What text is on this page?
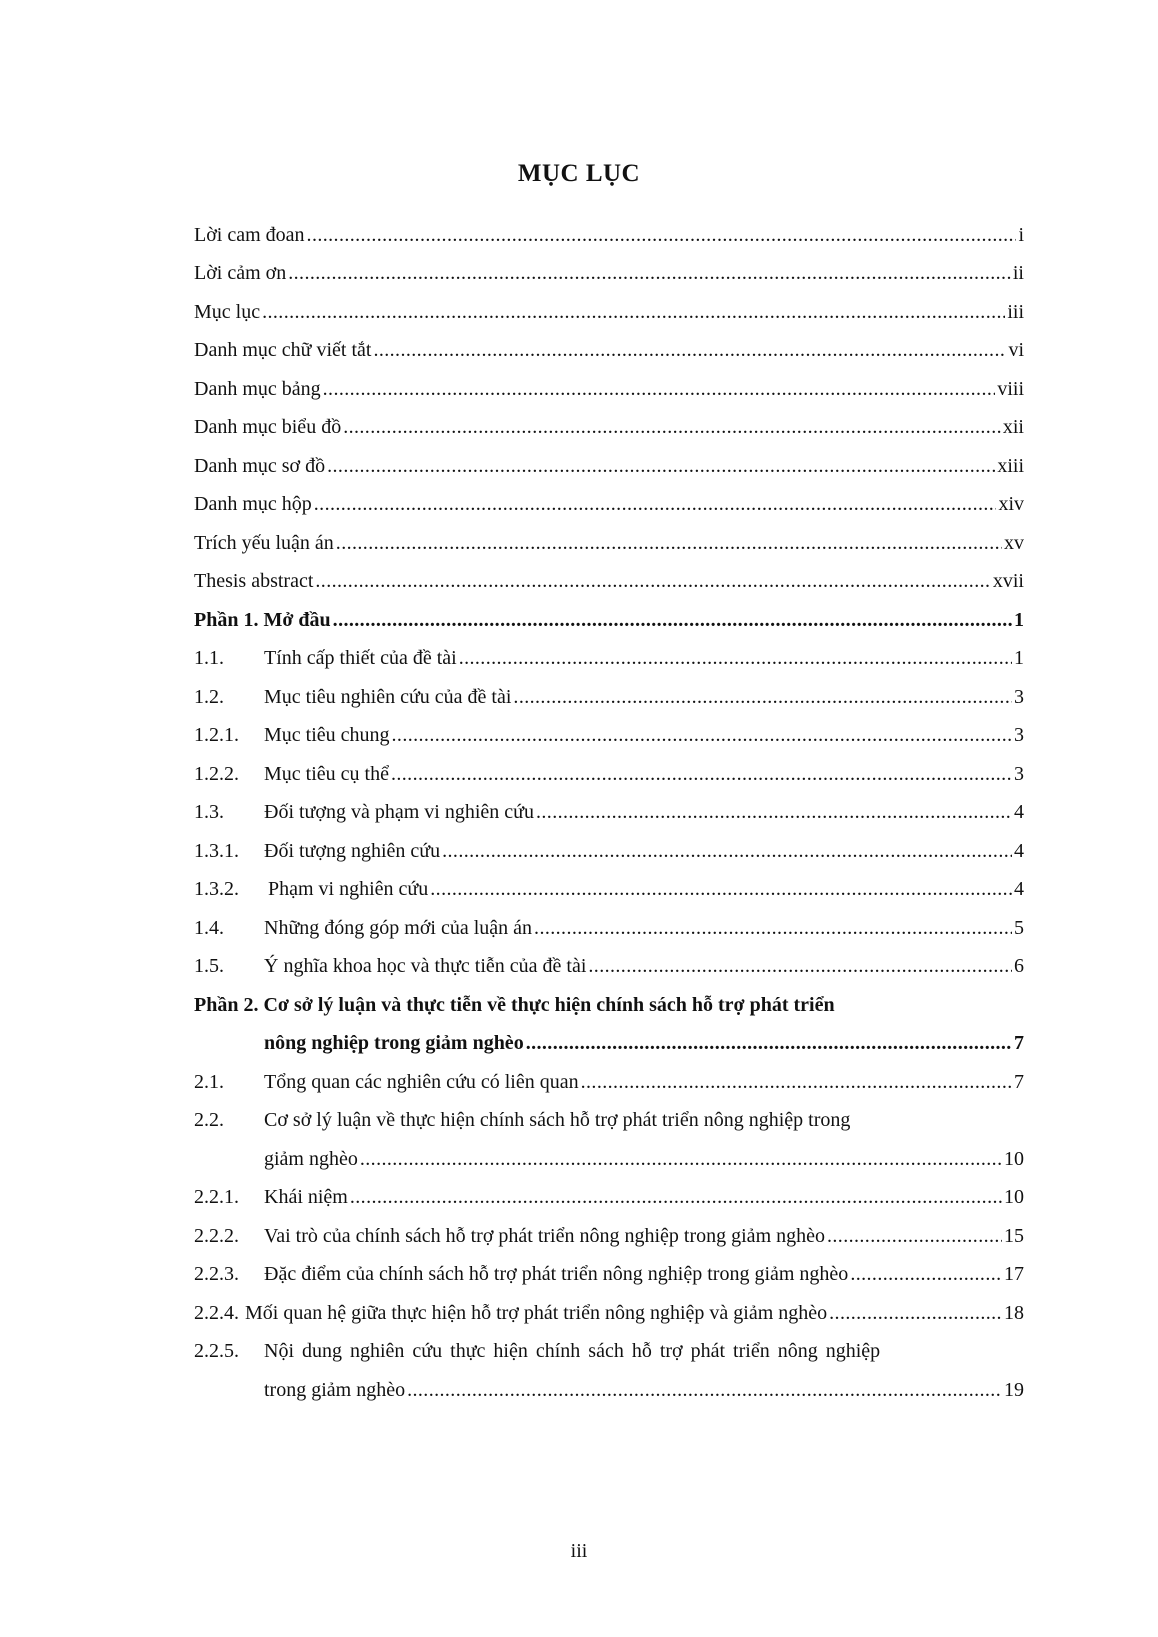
MỤC LỤC
Lời cam đoan . . .	i
Lời cảm ơn . . .	ii
Mục lục . . .	iii
Danh mục chữ viết tắt . . .	vi
Danh mục bảng . . .	viii
Danh mục biểu đồ . . .	xii
Danh mục sơ đồ . . .	xiii
Danh mục hộp . . .	xiv
Trích yếu luận án . . .	xv
Thesis abstract . . .	xvii
Phần 1. Mở đầu . . .	1
1.1.	Tính cấp thiết của đề tài . . .	1
1.2.	Mục tiêu nghiên cứu của đề tài . . .	3
1.2.1.	Mục tiêu chung . . .	3
1.2.2.	Mục tiêu cụ thể . . .	3
1.3.	Đối tượng và phạm vi nghiên cứu . . .	4
1.3.1.	Đối tượng nghiên cứu . . .	4
1.3.2.	Phạm vi nghiên cứu . . .	4
1.4.	Những đóng góp mới của luận án . . .	5
1.5.	Ý nghĩa khoa học và thực tiễn của đề tài . . .	6
Phần 2. Cơ sở lý luận và thực tiễn về thực hiện chính sách hỗ trợ phát triển
nông nghiệp trong giảm nghèo . . .	7
2.1.	Tổng quan các nghiên cứu có liên quan . . .	7
2.2.	Cơ sở lý luận về thực hiện chính sách hỗ trợ phát triển nông nghiệp trong
giảm nghèo . . .	10
2.2.1.	Khái niệm . . .	10
2.2.2.	Vai trò của chính sách hỗ trợ phát triển nông nghiệp trong giảm nghèo . . .	15
2.2.3.	Đặc điểm của chính sách hỗ trợ phát triển nông nghiệp trong giảm nghèo . . .	17
2.2.4. Mối quan hệ giữa thực hiện hỗ trợ phát triển nông nghiệp và giảm nghèo . . .	18
2.2.5.	Nội dung nghiên cứu thực hiện chính sách hỗ trợ phát triển nông nghiệp
trong giảm nghèo . . .	19
iii
